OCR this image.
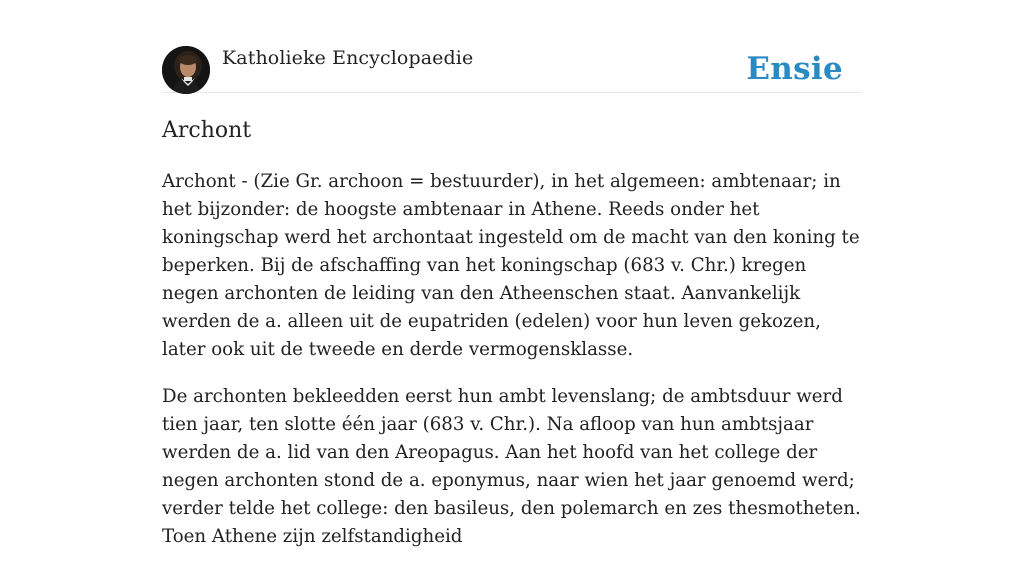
Katholieke Encyclopaedie	Ensie
Archont

Archont - (Zie Gr. archoon = bestuurder), in het algemeen: ambtenaar; in het bijzonder: de hoogste ambtenaar in Athene. Reeds onder het koningschap werd het archontaat ingesteld om de macht van den koning te beperken. Bij de afschaffing van het koningschap (683 v. Chr.) kregen negen archonten de leiding van den Atheenschen staat. Aanvankelijk werden de a. alleen uit de eupatriden (edelen) voor hun leven gekozen, later ook uit de tweede en derde vermogensklasse.

De archonten bekleedden eerst hun ambt levenslang; de ambtsduur werd tien jaar, ten slotte één jaar (683 v. Chr.). Na afloop van hun ambtsjaar werden de a. lid van den Areopagus. Aan het hoofd van het college der negen archonten stond de a. eponymus, naar wien het jaar genoemd werd; verder telde het college: den basileus, den polemarch en zes thesmotheten. Toen Athene zijn zelfstandigheid
